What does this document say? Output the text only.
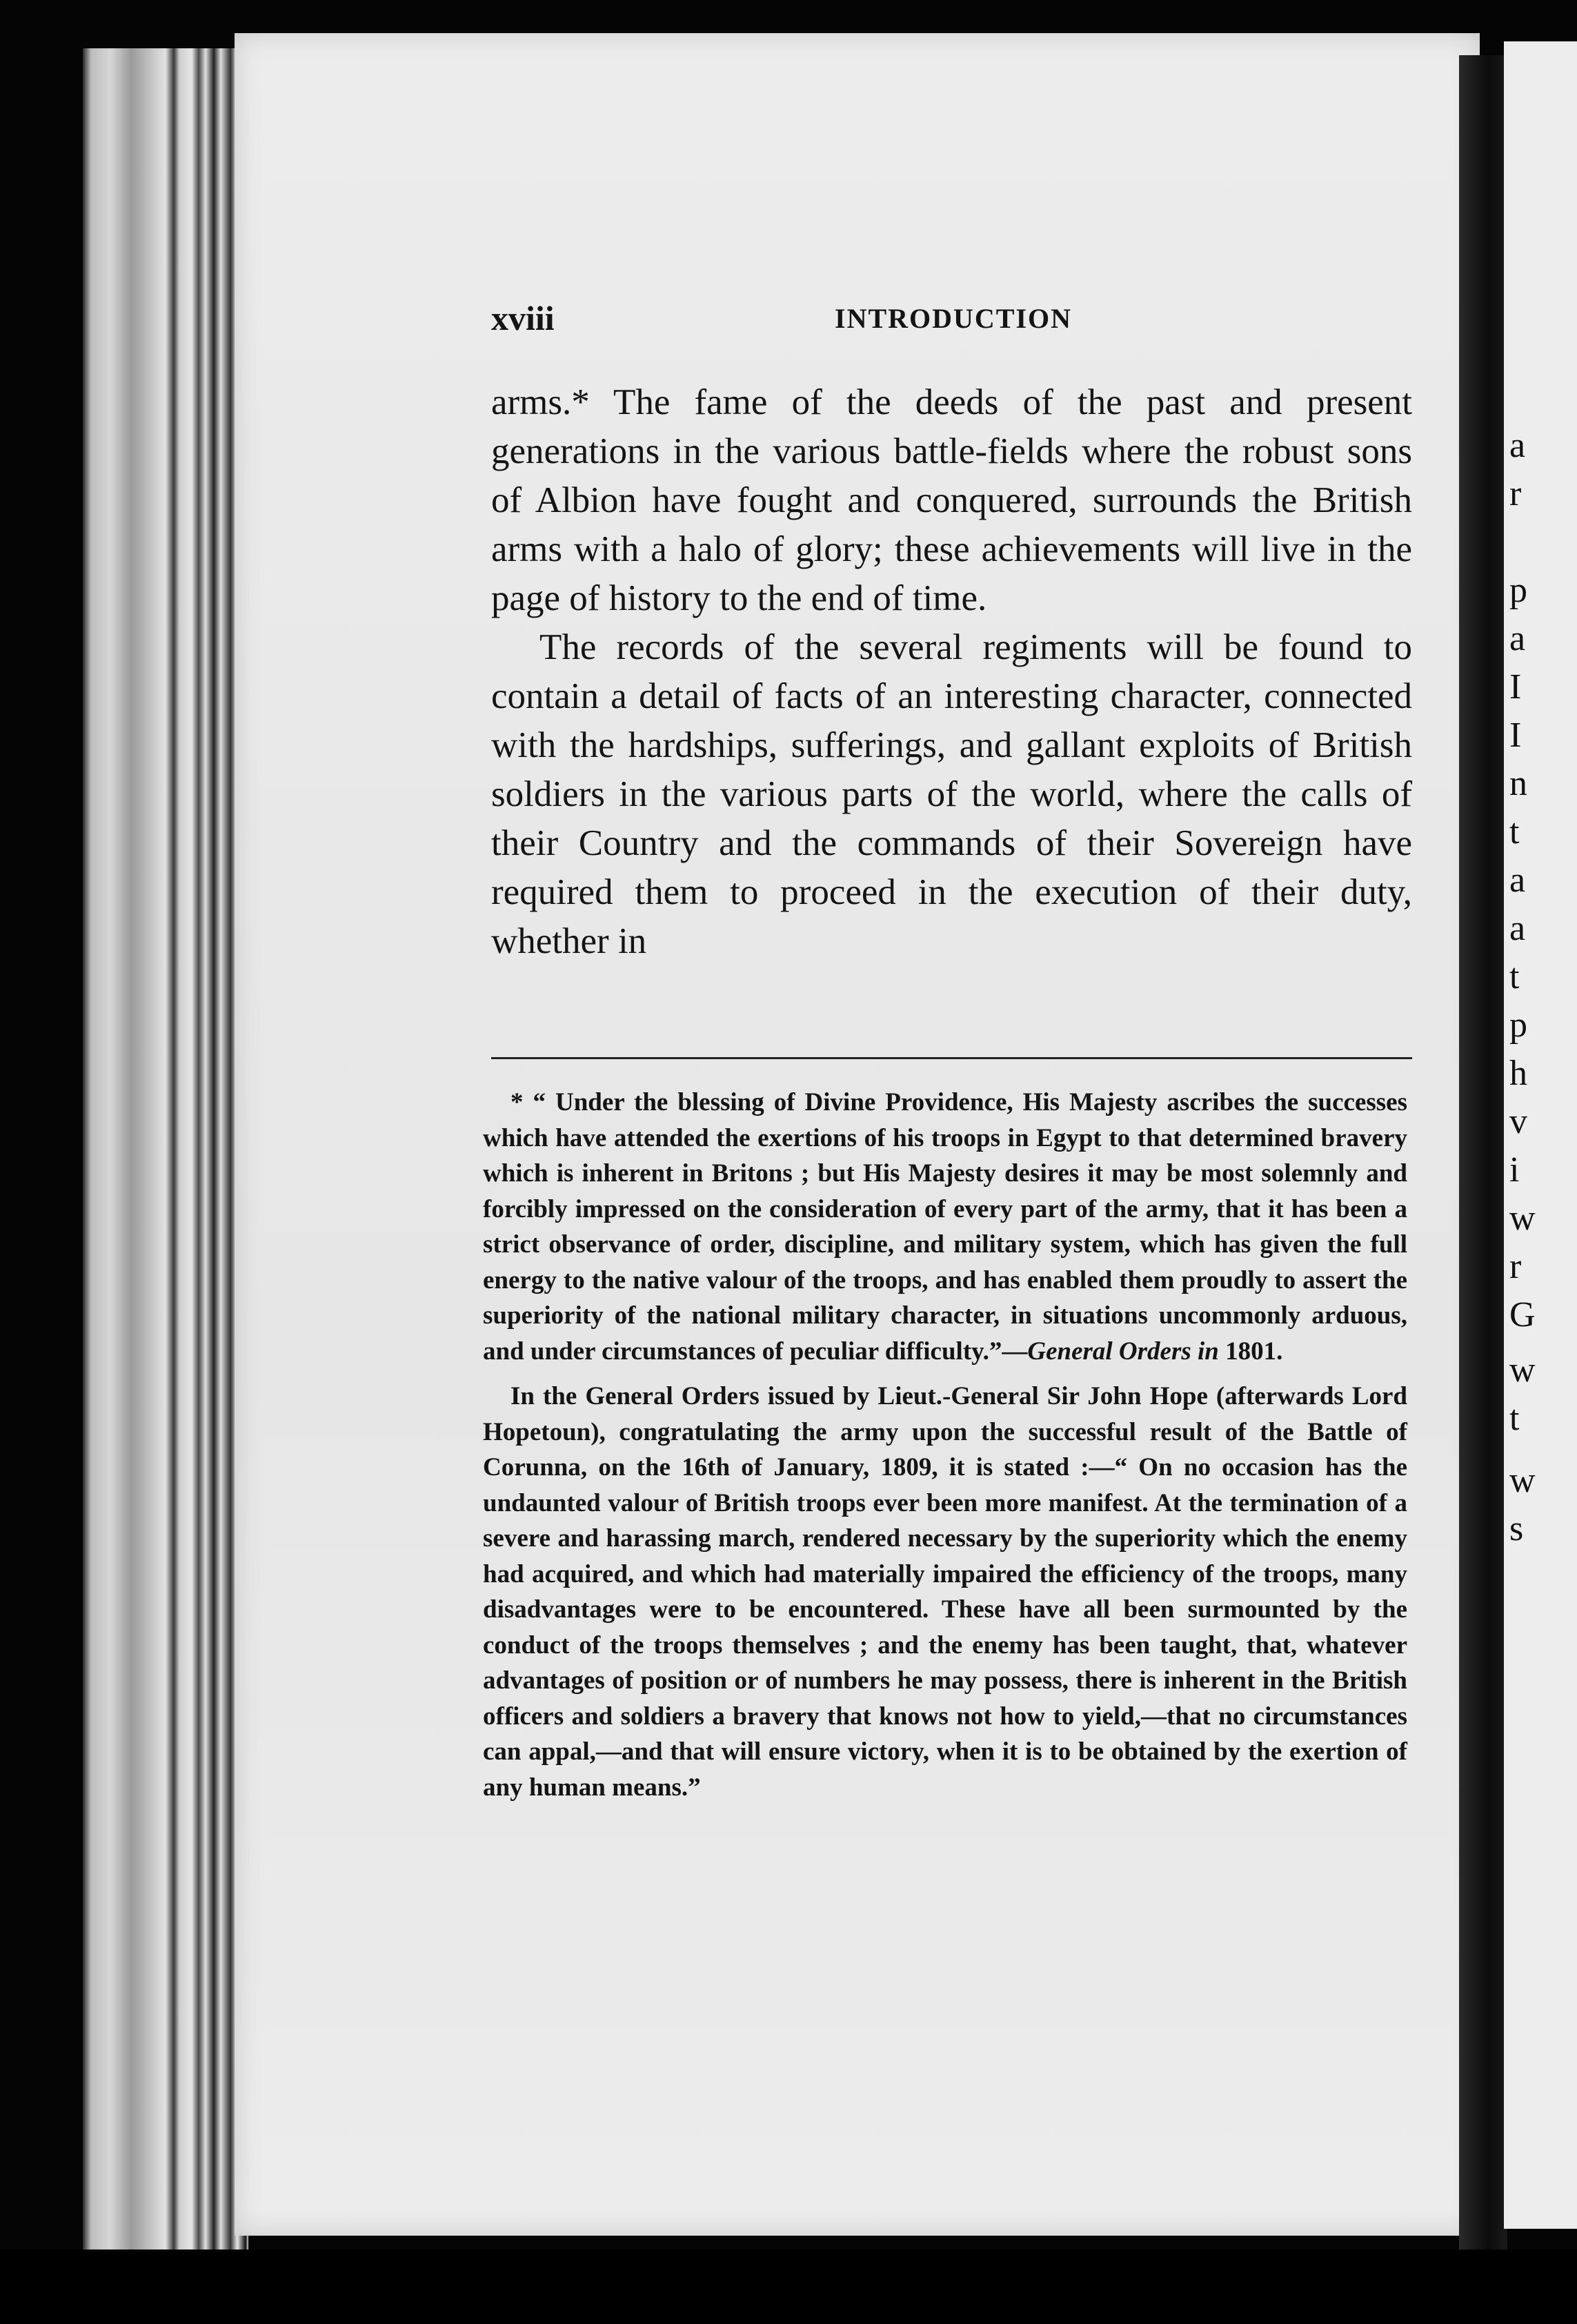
xviii	INTRODUCTION

arms.* The fame of the deeds of the past and present generations in the various battle-fields where the robust sons of Albion have fought and conquered, surrounds the British arms with a halo of glory; these achievements will live in the page of history to the end of time.

The records of the several regiments will be found to contain a detail of facts of an interesting character, connected with the hardships, sufferings, and gallant exploits of British soldiers in the various parts of the world, where the calls of their Country and the commands of their Sovereign have required them to proceed in the execution of their duty, whether in

* “ Under the blessing of Divine Providence, His Majesty ascribes the successes which have attended the exertions of his troops in Egypt to that determined bravery which is inherent in Britons ; but His Majesty desires it may be most solemnly and forcibly impressed on the consideration of every part of the army, that it has been a strict observance of order, discipline, and military system, which has given the full energy to the native valour of the troops, and has enabled them proudly to assert the superiority of the national military character, in situations uncommonly arduous, and under circumstances of peculiar difficulty.”—General Orders in 1801.

In the General Orders issued by Lieut.-General Sir John Hope (afterwards Lord Hopetoun), congratulating the army upon the successful result of the Battle of Corunna, on the 16th of January, 1809, it is stated :—“ On no occasion has the undaunted valour of British troops ever been more manifest. At the termination of a severe and harassing march, rendered necessary by the superiority which the enemy had acquired, and which had materially impaired the efficiency of the troops, many disadvantages were to be encountered. These have all been surmounted by the conduct of the troops themselves ; and the enemy has been taught, that, whatever advantages of position or of numbers he may possess, there is inherent in the British officers and soldiers a bravery that knows not how to yield,—that no circumstances can appal,—and that will ensure victory, when it is to be obtained by the exertion of any human means.”

a
r
p
a
I
I
n
t
a
a
t
p
h
v
i
w
r
G
w
t
w
s
